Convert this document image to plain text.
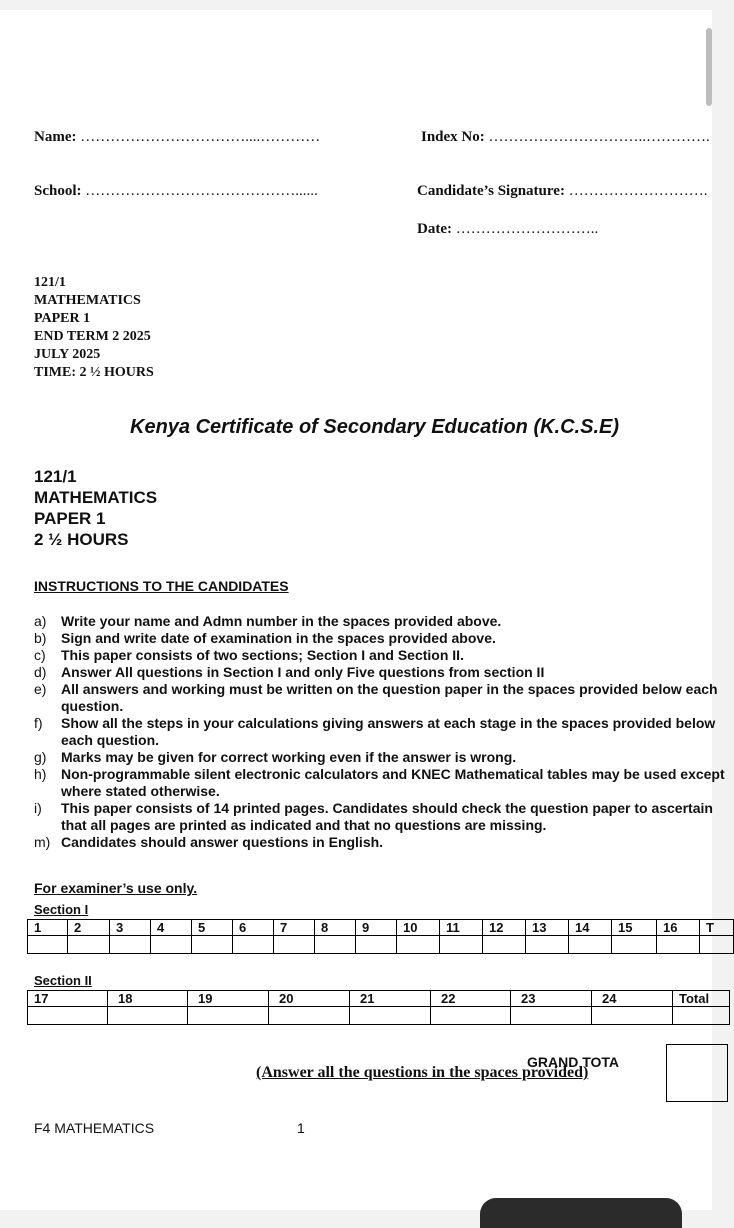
Name: ……………………………....…………	Index No: …………………………..………….
School: ……………………………………......	Candidate’s Signature: ……………………….
Date: ………………………..
121/1
MATHEMATICS
PAPER 1
END TERM 2 2025
JULY 2025
TIME: 2 ½ HOURS
Kenya Certificate of Secondary Education (K.C.S.E)
121/1
MATHEMATICS
PAPER 1
2 ½ HOURS
INSTRUCTIONS TO THE CANDIDATES
a)	Write your name and Admn number in the spaces provided above.
b)	Sign and write date of examination in the spaces provided above.
c)	This paper consists of two sections; Section I and Section II.
d)	Answer All questions in Section I and only Five questions from section II
e)	All answers and working must be written on the question paper in the spaces provided below each question.
f)	Show all the steps in your calculations giving answers at each stage in the spaces provided below each question.
g)	Marks may be given for correct working even if the answer is wrong.
h)	Non-programmable silent electronic calculators and KNEC Mathematical tables may be used except where stated otherwise.
i)	This paper consists of 14 printed pages. Candidates should check the question paper to ascertain that all pages are printed as indicated and that no questions are missing.
m) Candidates should answer questions in English.
For examiner’s use only.
Section I
1	2	3	4	5	6	7	8	9	10	11	12	13	14	15	16	T

Section II
17	18	19	20	21	22	23	24	Total

GRAND TOTA
(Answer all the questions in the spaces provided)
F4 MATHEMATICS	1
